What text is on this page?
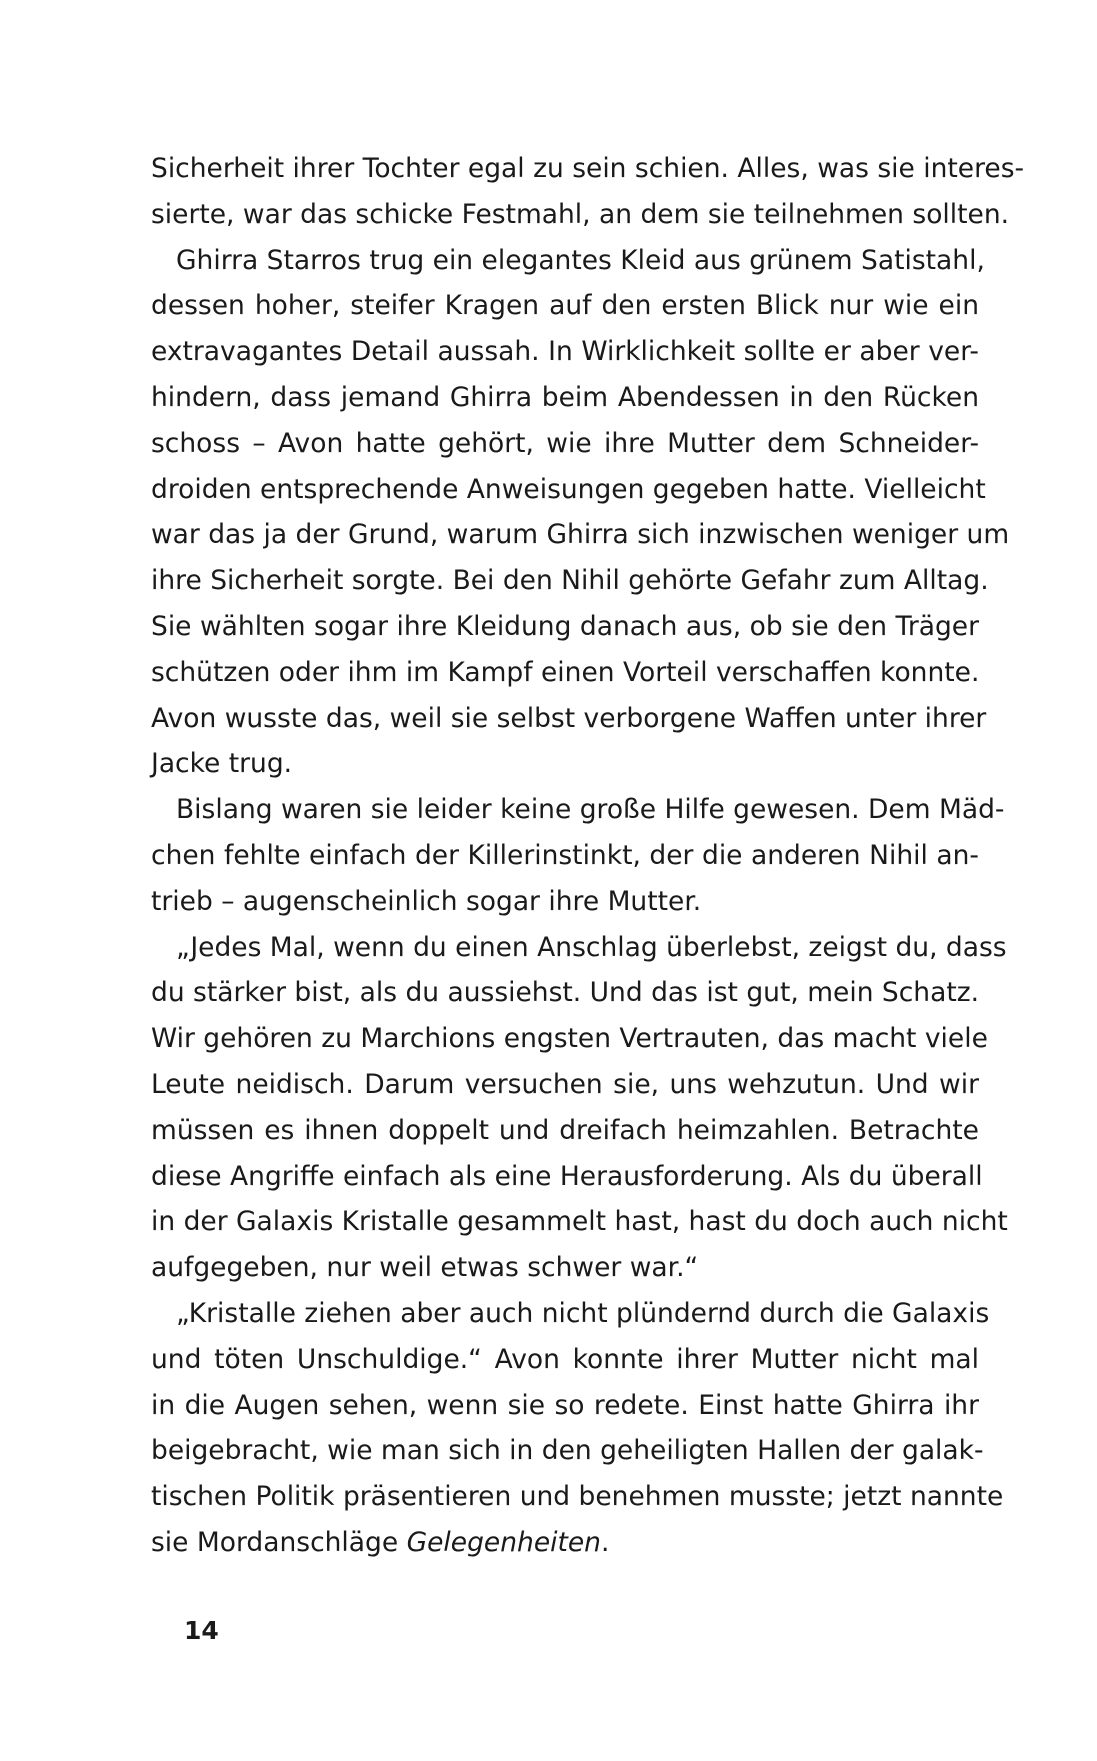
Sicherheit ihrer Tochter egal zu sein schien. Alles, was sie interes-
sierte, war das schicke Festmahl, an dem sie teilnehmen sollten.
Ghirra Starros trug ein elegantes Kleid aus grünem Satistahl,
dessen hoher, steifer Kragen auf den ersten Blick nur wie ein
extravagantes Detail aussah. In Wirklichkeit sollte er aber ver-
hindern, dass jemand Ghirra beim Abendessen in den Rücken
schoss – Avon hatte gehört, wie ihre Mutter dem Schneider-
droiden entsprechende Anweisungen gegeben hatte. Vielleicht
war das ja der Grund, warum Ghirra sich inzwischen weniger um
ihre Sicherheit sorgte. Bei den Nihil gehörte Gefahr zum Alltag.
Sie wählten sogar ihre Kleidung danach aus, ob sie den Träger
schützen oder ihm im Kampf einen Vorteil verschaffen konnte.
Avon wusste das, weil sie selbst verborgene Waffen unter ihrer
Jacke trug.
Bislang waren sie leider keine große Hilfe gewesen. Dem Mäd-
chen fehlte einfach der Killerinstinkt, der die anderen Nihil an-
trieb – augenscheinlich sogar ihre Mutter.
„Jedes Mal, wenn du einen Anschlag überlebst, zeigst du, dass
du stärker bist, als du aussiehst. Und das ist gut, mein Schatz.
Wir gehören zu Marchions engsten Vertrauten, das macht viele
Leute neidisch. Darum versuchen sie, uns wehzutun. Und wir
müssen es ihnen doppelt und dreifach heimzahlen. Betrachte
diese Angriffe einfach als eine Herausforderung. Als du überall
in der Galaxis Kristalle gesammelt hast, hast du doch auch nicht
aufgegeben, nur weil etwas schwer war.“
„Kristalle ziehen aber auch nicht plündernd durch die Galaxis
und töten Unschuldige.“ Avon konnte ihrer Mutter nicht mal
in die Augen sehen, wenn sie so redete. Einst hatte Ghirra ihr
beigebracht, wie man sich in den geheiligten Hallen der galak-
tischen Politik präsentieren und benehmen musste; jetzt nannte
sie Mordanschläge Gelegenheiten.
14
